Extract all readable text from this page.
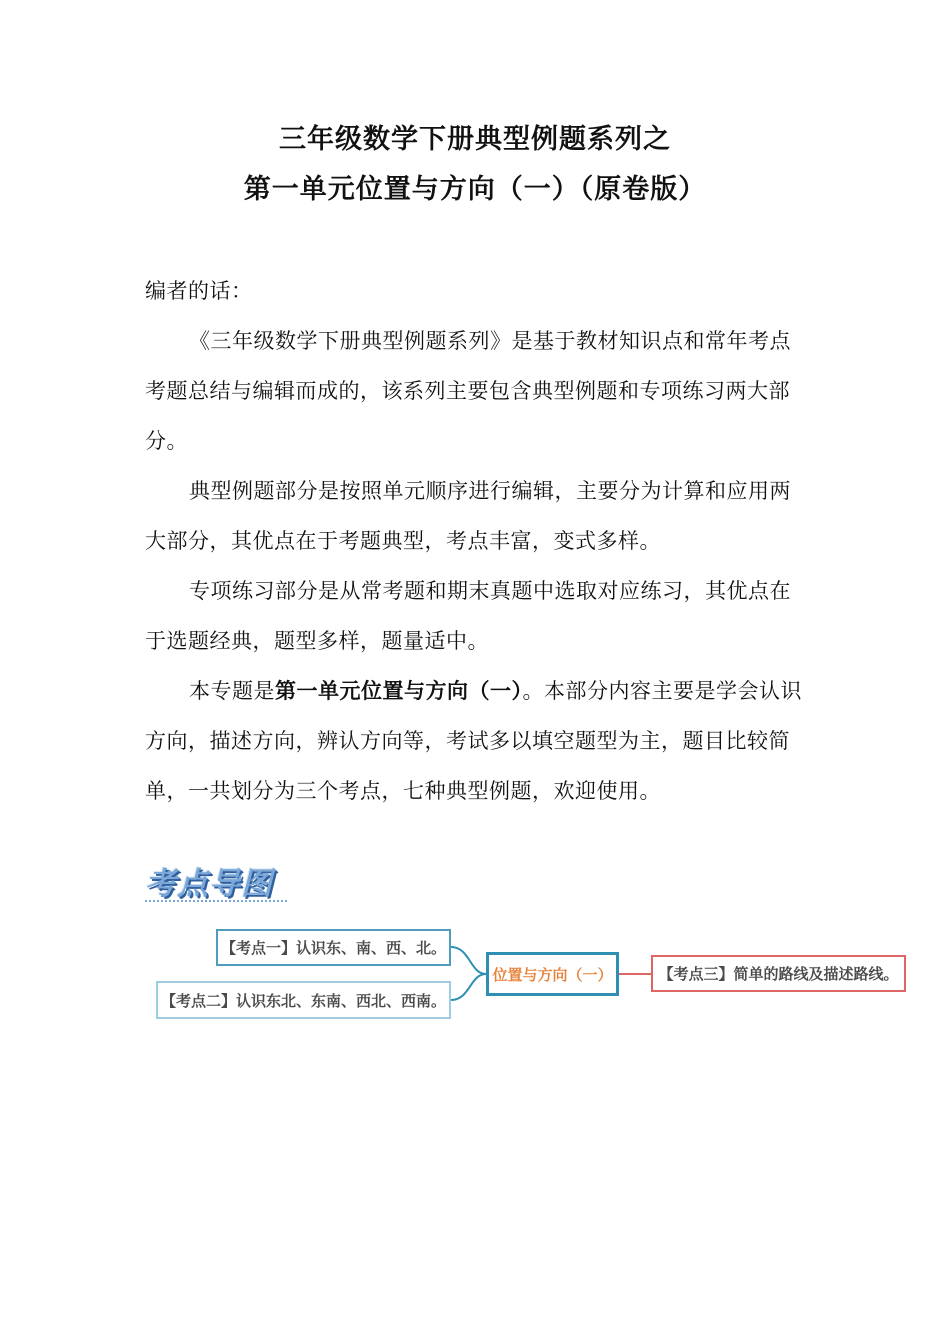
三年级数学下册典型例题系列之
第一单元位置与方向（一）（原卷版）

编者的话：

《三年级数学下册典型例题系列》是基于教材知识点和常年考点考题总结与编辑而成的，该系列主要包含典型例题和专项练习两大部分。

典型例题部分是按照单元顺序进行编辑，主要分为计算和应用两大部分，其优点在于考题典型，考点丰富，变式多样。

专项练习部分是从常考题和期末真题中选取对应练习，其优点在于选题经典，题型多样，题量适中。

本专题是第一单元位置与方向（一）。本部分内容主要是学会认识方向，描述方向，辨认方向等，考试多以填空题型为主，题目比较简单，一共划分为三个考点，七种典型例题，欢迎使用。

考点导图
【考点一】认识东、南、西、北。
【考点二】认识东北、东南、西北、西南。
位置与方向（一）	【考点三】简单的路线及描述路线。
